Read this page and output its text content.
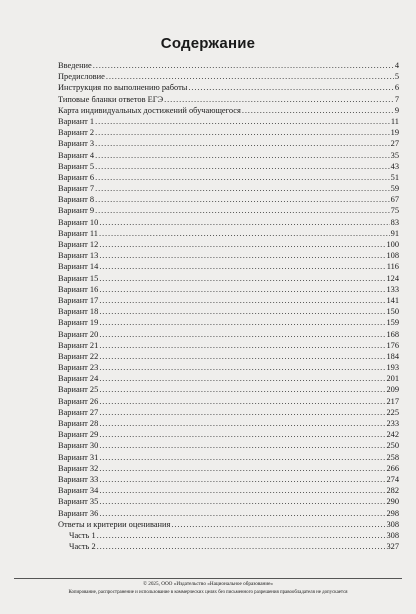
Содержание
Введение . . .	4
Предисловие . . .	5
Инструкция по выполнению работы . . .	6
Типовые бланки ответов ЕГЭ . . .	7
Карта индивидуальных достижений обучающегося . . .	9
Вариант 1 . . .	11
Вариант 2 . . .	19
Вариант 3 . . .	27
Вариант 4 . . .	35
Вариант 5 . . .	43
Вариант 6 . . .	51
Вариант 7 . . .	59
Вариант 8 . . .	67
Вариант 9 . . .	75
Вариант 10 . . .	83
Вариант 11 . . .	91
Вариант 12 . . .	100
Вариант 13 . . .	108
Вариант 14 . . .	116
Вариант 15 . . .	124
Вариант 16 . . .	133
Вариант 17 . . .	141
Вариант 18 . . .	150
Вариант 19 . . .	159
Вариант 20 . . .	168
Вариант 21 . . .	176
Вариант 22 . . .	184
Вариант 23 . . .	193
Вариант 24 . . .	201
Вариант 25 . . .	209
Вариант 26 . . .	217
Вариант 27 . . .	225
Вариант 28 . . .	233
Вариант 29 . . .	242
Вариант 30 . . .	250
Вариант 31 . . .	258
Вариант 32 . . .	266
Вариант 33 . . .	274
Вариант 34 . . .	282
Вариант 35 . . .	290
Вариант 36 . . .	298
Ответы и критерии оценивания . . .	308
Часть 1 . . .	308
Часть 2 . . .	327
© 2025, ООО «Издательство «Национальное образование»
Копирование, распространение и использование в коммерческих целях без письменного разрешения правообладателя не допускается
